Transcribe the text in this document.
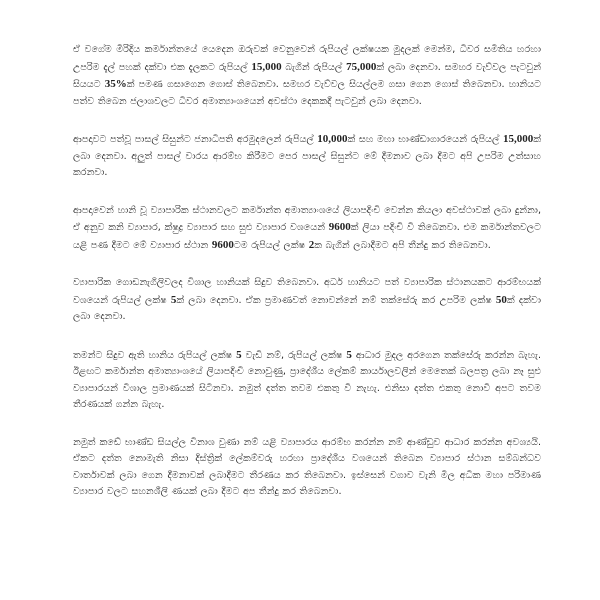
ඒ වගේම මීරිදිය කර්මාන්තයේ යෙදෙන ඔරුවක් වෙනුවෙන් රුපියල් ලක්ෂයක මුදලක් මෙන්ම, ධීවර සමිතිය හරහා උපරිම දැල් පහක් දක්වා එක දැලකට රුපියල් 15,000 බැගින් රුපියල් 75,000ක් ලබා දෙනවා. සමහර වැව්වල පැටවුන් සියයට 35%ක් පමණ ගසාගෙන ගොස් තිබෙනවා. සමහර වැව්වල සියල්ලම ගසා ගෙන ගොස් තිබෙනවා. හානියට පත්ව තිබෙන ජලාශවලට ධීවර අමාත්‍යාංශයෙන් අවස්ථා දෙකකදී පැටවුන් ලබා දෙනවා.

ආපදාවට පත්වූ පාසල් සිසුන්ට ජනාධිපති අරමුදලෙන් රුපියල් 10,000ක් සහ මහා භාණ්ඩාගාරයෙන් රුපියල් 15,000ක් ලබා දෙනවා. අලුත් පාසල් වාරය ආරම්භ කිරීමට පෙර පාසල් සිසුන්ට මේ දීමනාව ලබා දීමට අපි උපරිම උත්සාහ කරනවා.

ආපදාවෙන් හානි වූ ව්‍යාපාරික ස්ථානවලට කර්මාන්ත අමාත්‍යාංශයේ ලියාපදිංචි වෙන්න කියලා අවස්ථාවක් ලබා දුන්නා, ඒ අනුව කනි ව්‍යාපාර, ක්ෂුද්‍ර ව්‍යාපාර සහ සුළු ව්‍යාපාර වශයෙන් 9600ක් ලියා පදිංචි වී තිබෙනවා. එම කර්මාන්තවලට යළි පණ දීමට මේ ව්‍යාපාර ස්ථාන 9600ටම රුපියල් ලක්ෂ 2ක බැගින් ලබාදීමට අපි තීන්දු කර තිබෙනවා.

ව්‍යාපාරික ගොඩනැගිලිවලද විශාල හානියක් සිදුව තිබෙනවා. අර්ධ හානියට පත් ව්‍යාපාරික ස්ථානයකට ආරම්භයක් වශයෙන් රුපියල් ලක්ෂ 5ක් ලබා දෙනවා. ඒක ප්‍රමාණවත් නොවන්නේ නම් තක්සේරු කර උපරිම ලක්ෂ 50ක් දක්වා ලබා දෙනවා.

තමන්ට සිදුව ඇති හානිය රුපියල් ලක්ෂ 5 වැඩි නම්, රුපියල් ලක්ෂ 5 ආධාර මුදල අරගෙන තක්සේරු කරන්න බැහැ. ඊළඟට කර්මාන්ත අමාත්‍යාංශයේ ලියාපදිංචි නොවුණු, ප්‍රාදේශීය ලේකම් කාර්යාලවලින් මෙතෙක් බලපත්‍ර ලබා නෑ සුළු ව්‍යාපාරයන් විශාල ප්‍රමාණයක් සිටිනවා. නමුත් දත්ත තවම එකතු වී නැහැ. එනිසා දත්ත එකතු නොවී අපට තවම තීරණයක් ගන්න බැහැ.

නමුත් කඩේ භාණ්ඩ සියල්ල විනාශ වුණා නම් යළි ව්‍යාපාරය ආරම්භ කරන්න නම් ආණ්ඩුව ආධාර කරන්න අවශ්‍යයි. ඒකට දත්ත නොමැති නිසා දිස්ත්‍රික් ලේකම්වරු හරහා ප්‍රාදේශීය වශයෙන් තිබෙන ව්‍යාපාර ස්ථාන සම්බන්ධව වාර්තාවක් ලබා ගෙන දීමනාවක් ලබාදීමට තීරණය කර තිබෙනවා. ඉස්සෙන් වගාව වැනි මිල අධික මහා පරිමාණ ව්‍යාපාර වලට සහනශීලි ණයක් ලබා දීමට අප තීන්දු කර තිබෙනවා.
